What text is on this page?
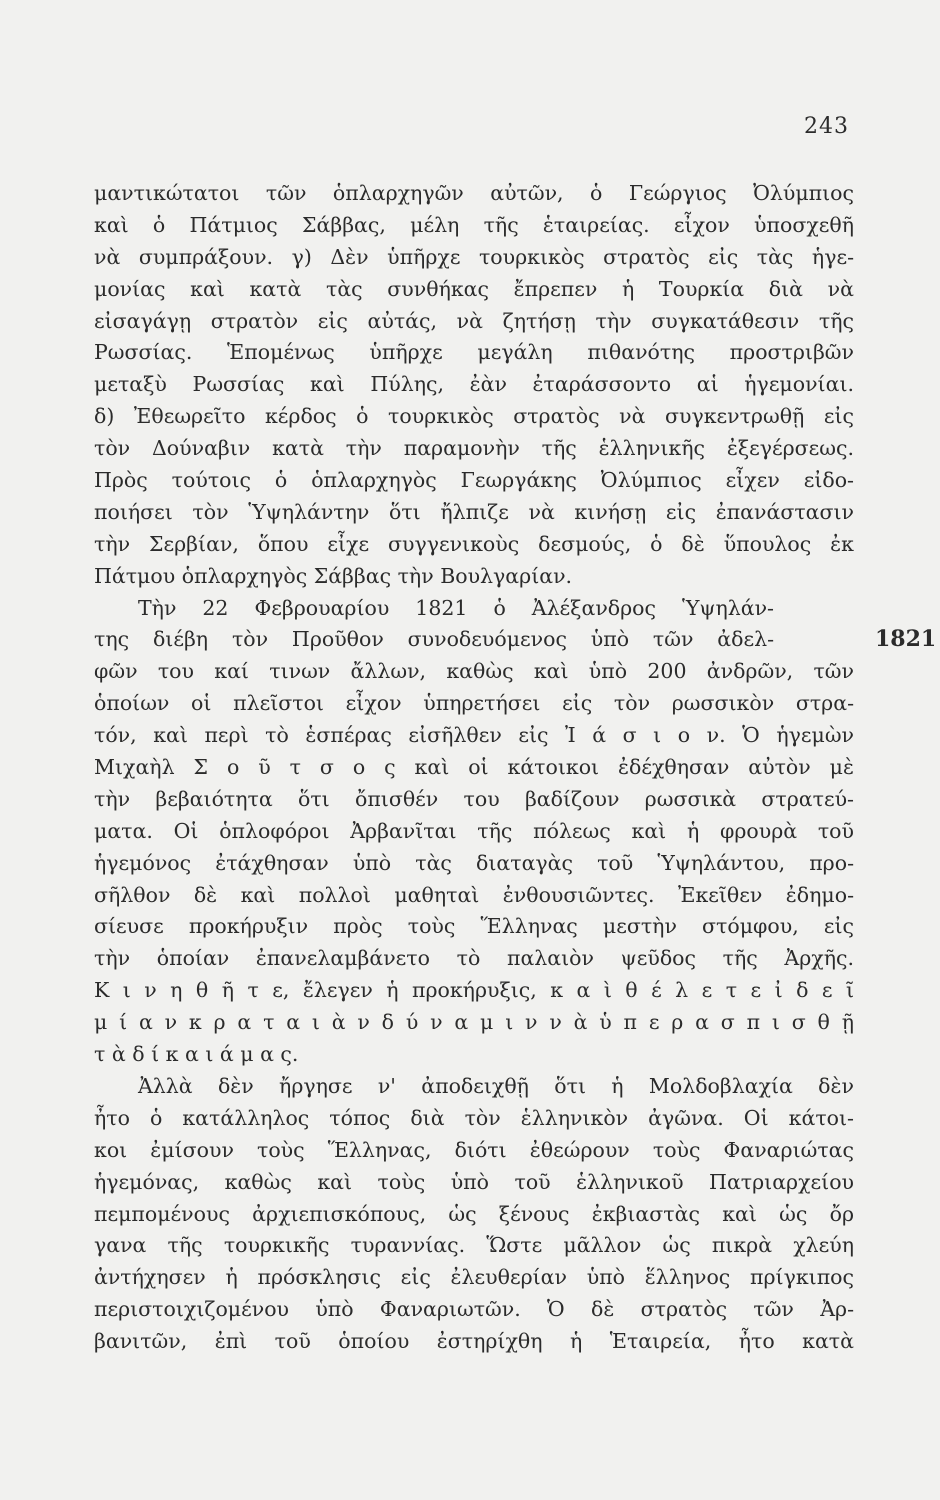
243
1821
μαντικώτατοι τῶν ὁπλαρχηγῶν αὐτῶν, ὁ Γεώργιος Ὀλύμπιος
καὶ ὁ Πάτμιος Σάββας, μέλη τῆς ἑταιρείας. εἶχον ὑποσχεθῆ
νὰ συμπράξουν. γ) Δὲν ὑπῆρχε τουρκικὸς στρατὸς εἰς τὰς ἡγε-
μονίας καὶ κατὰ τὰς συνθήκας ἔπρεπεν ἡ Τουρκία διὰ νὰ
εἰσαγάγῃ στρατὸν εἰς αὐτάς, νὰ ζητήσῃ τὴν συγκατάθεσιν τῆς
Ρωσσίας. Ἑπομένως ὑπῆρχε μεγάλη πιθανότης προστριβῶν
μεταξὺ Ρωσσίας καὶ Πύλης, ἐὰν ἐταράσσοντο αἱ ἡγεμονίαι.
δ) Ἐθεωρεῖτο κέρδος ὁ τουρκικὸς στρατὸς νὰ συγκεντρωθῇ εἰς
τὸν Δούναβιν κατὰ τὴν παραμονὴν τῆς ἑλληνικῆς ἐξεγέρσεως.
Πρὸς τούτοις ὁ ὁπλαρχηγὸς Γεωργάκης Ὀλύμπιος εἶχεν εἰδο-
ποιήσει τὸν Ὑψηλάντην ὅτι ἤλπιζε νὰ κινήσῃ εἰς ἐπανάστασιν
τὴν Σερβίαν, ὅπου εἶχε συγγενικοὺς δεσμούς, ὁ δὲ ὕπουλος ἐκ
Πάτμου ὁπλαρχηγὸς Σάββας τὴν Βουλγαρίαν.
Τὴν 22 Φεβρουαρίου 1821 ὁ Ἀλέξανδρος Ὑψηλάν-
της διέβη τὸν Προῦθον συνοδευόμενος ὑπὸ τῶν ἀδελ-
φῶν του καί τινων ἄλλων, καθὼς καὶ ὑπὸ 200 ἀνδρῶν, τῶν
ὁποίων οἱ πλεῖστοι εἶχον ὑπηρετήσει εἰς τὸν ρωσσικὸν στρα-
τόν, καὶ περὶ τὸ ἑσπέρας εἰσῆλθεν εἰς Ἰ ά σ ι ο ν. Ὁ ἡγεμὼν
Μιχαὴλ Σ ο ῦ τ σ ο ς καὶ οἱ κάτοικοι ἐδέχθησαν αὐτὸν μὲ
τὴν βεβαιότητα ὅτι ὄπισθέν του βαδίζουν ρωσσικὰ στρατεύ-
ματα. Οἱ ὁπλοφόροι Ἀρβανῖται τῆς πόλεως καὶ ἡ φρουρὰ τοῦ
ἡγεμόνος ἐτάχθησαν ὑπὸ τὰς διαταγὰς τοῦ Ὑψηλάντου, προ-
σῆλθον δὲ καὶ πολλοὶ μαθηταὶ ἐνθουσιῶντες. Ἐκεῖθεν ἐδημο-
σίευσε προκήρυξιν πρὸς τοὺς Ἕλληνας μεστὴν στόμφου, εἰς
τὴν ὁποίαν ἐπανελαμβάνετο τὸ παλαιὸν ψεῦδος τῆς Ἀρχῆς.
Κ ι ν η θ ῆ τ ε, ἔλεγεν ἡ προκήρυξις, κ α ὶ θ έ λ ε τ ε ἰ δ ε ῖ
μ ί α ν κ ρ α τ α ι ὰ ν δ ύ ν α μ ι ν ν ὰ ὑ π ε ρ α σ π ι σ θ ῇ
τ ὰ δ ί κ α ι ά μ α ς.
Ἀλλὰ δὲν ἤργησε ν' ἀποδειχθῇ ὅτι ἡ Μολδοβλαχία δὲν
ἦτο ὁ κατάλληλος τόπος διὰ τὸν ἑλληνικὸν ἀγῶνα. Οἱ κάτοι-
κοι ἐμίσουν τοὺς Ἕλληνας, διότι ἐθεώρουν τοὺς Φαναριώτας
ἡγεμόνας, καθὼς καὶ τοὺς ὑπὸ τοῦ ἑλληνικοῦ Πατριαρχείου
πεμπομένους ἀρχιεπισκόπους, ὡς ξένους ἐκβιαστὰς καὶ ὡς ὄρ
γανα τῆς τουρκικῆς τυραννίας. Ὥστε μᾶλλον ὡς πικρὰ χλεύη
ἀντήχησεν ἡ πρόσκλησις εἰς ἐλευθερίαν ὑπὸ ἕλληνος πρίγκιπος
περιστοιχιζομένου ὑπὸ Φαναριωτῶν. Ὁ δὲ στρατὸς τῶν Ἀρ-
βανιτῶν, ἐπὶ τοῦ ὁποίου ἐστηρίχθη ἡ Ἑταιρεία, ἦτο κατὰ
